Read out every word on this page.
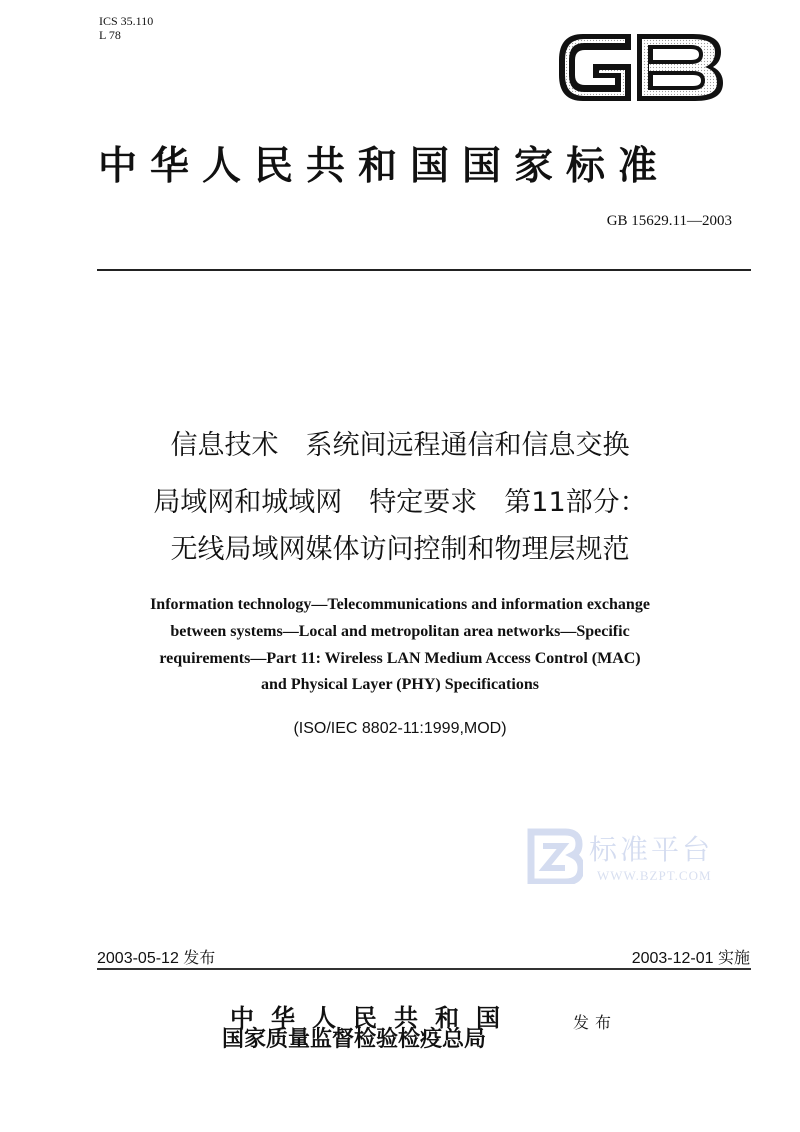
ICS 35.110
L 78
中华人民共和国国家标准
GB 15629.11—2003
信息技术　系统间远程通信和信息交换
局域网和城域网　特定要求　第11部分：
无线局域网媒体访问控制和物理层规范
Information technology—Telecommunications and information exchange
between systems—Local and metropolitan area networks—Specific
requirements—Part 11: Wireless LAN Medium Access Control (MAC)
and Physical Layer (PHY) Specifications
(ISO/IEC 8802-11:1999,MOD)
标准平台
WWW.BZPT.COM
2003-05-12 发布	2003-12-01 实施
中华人民共和国
国家质量监督检验检疫总局
发布
